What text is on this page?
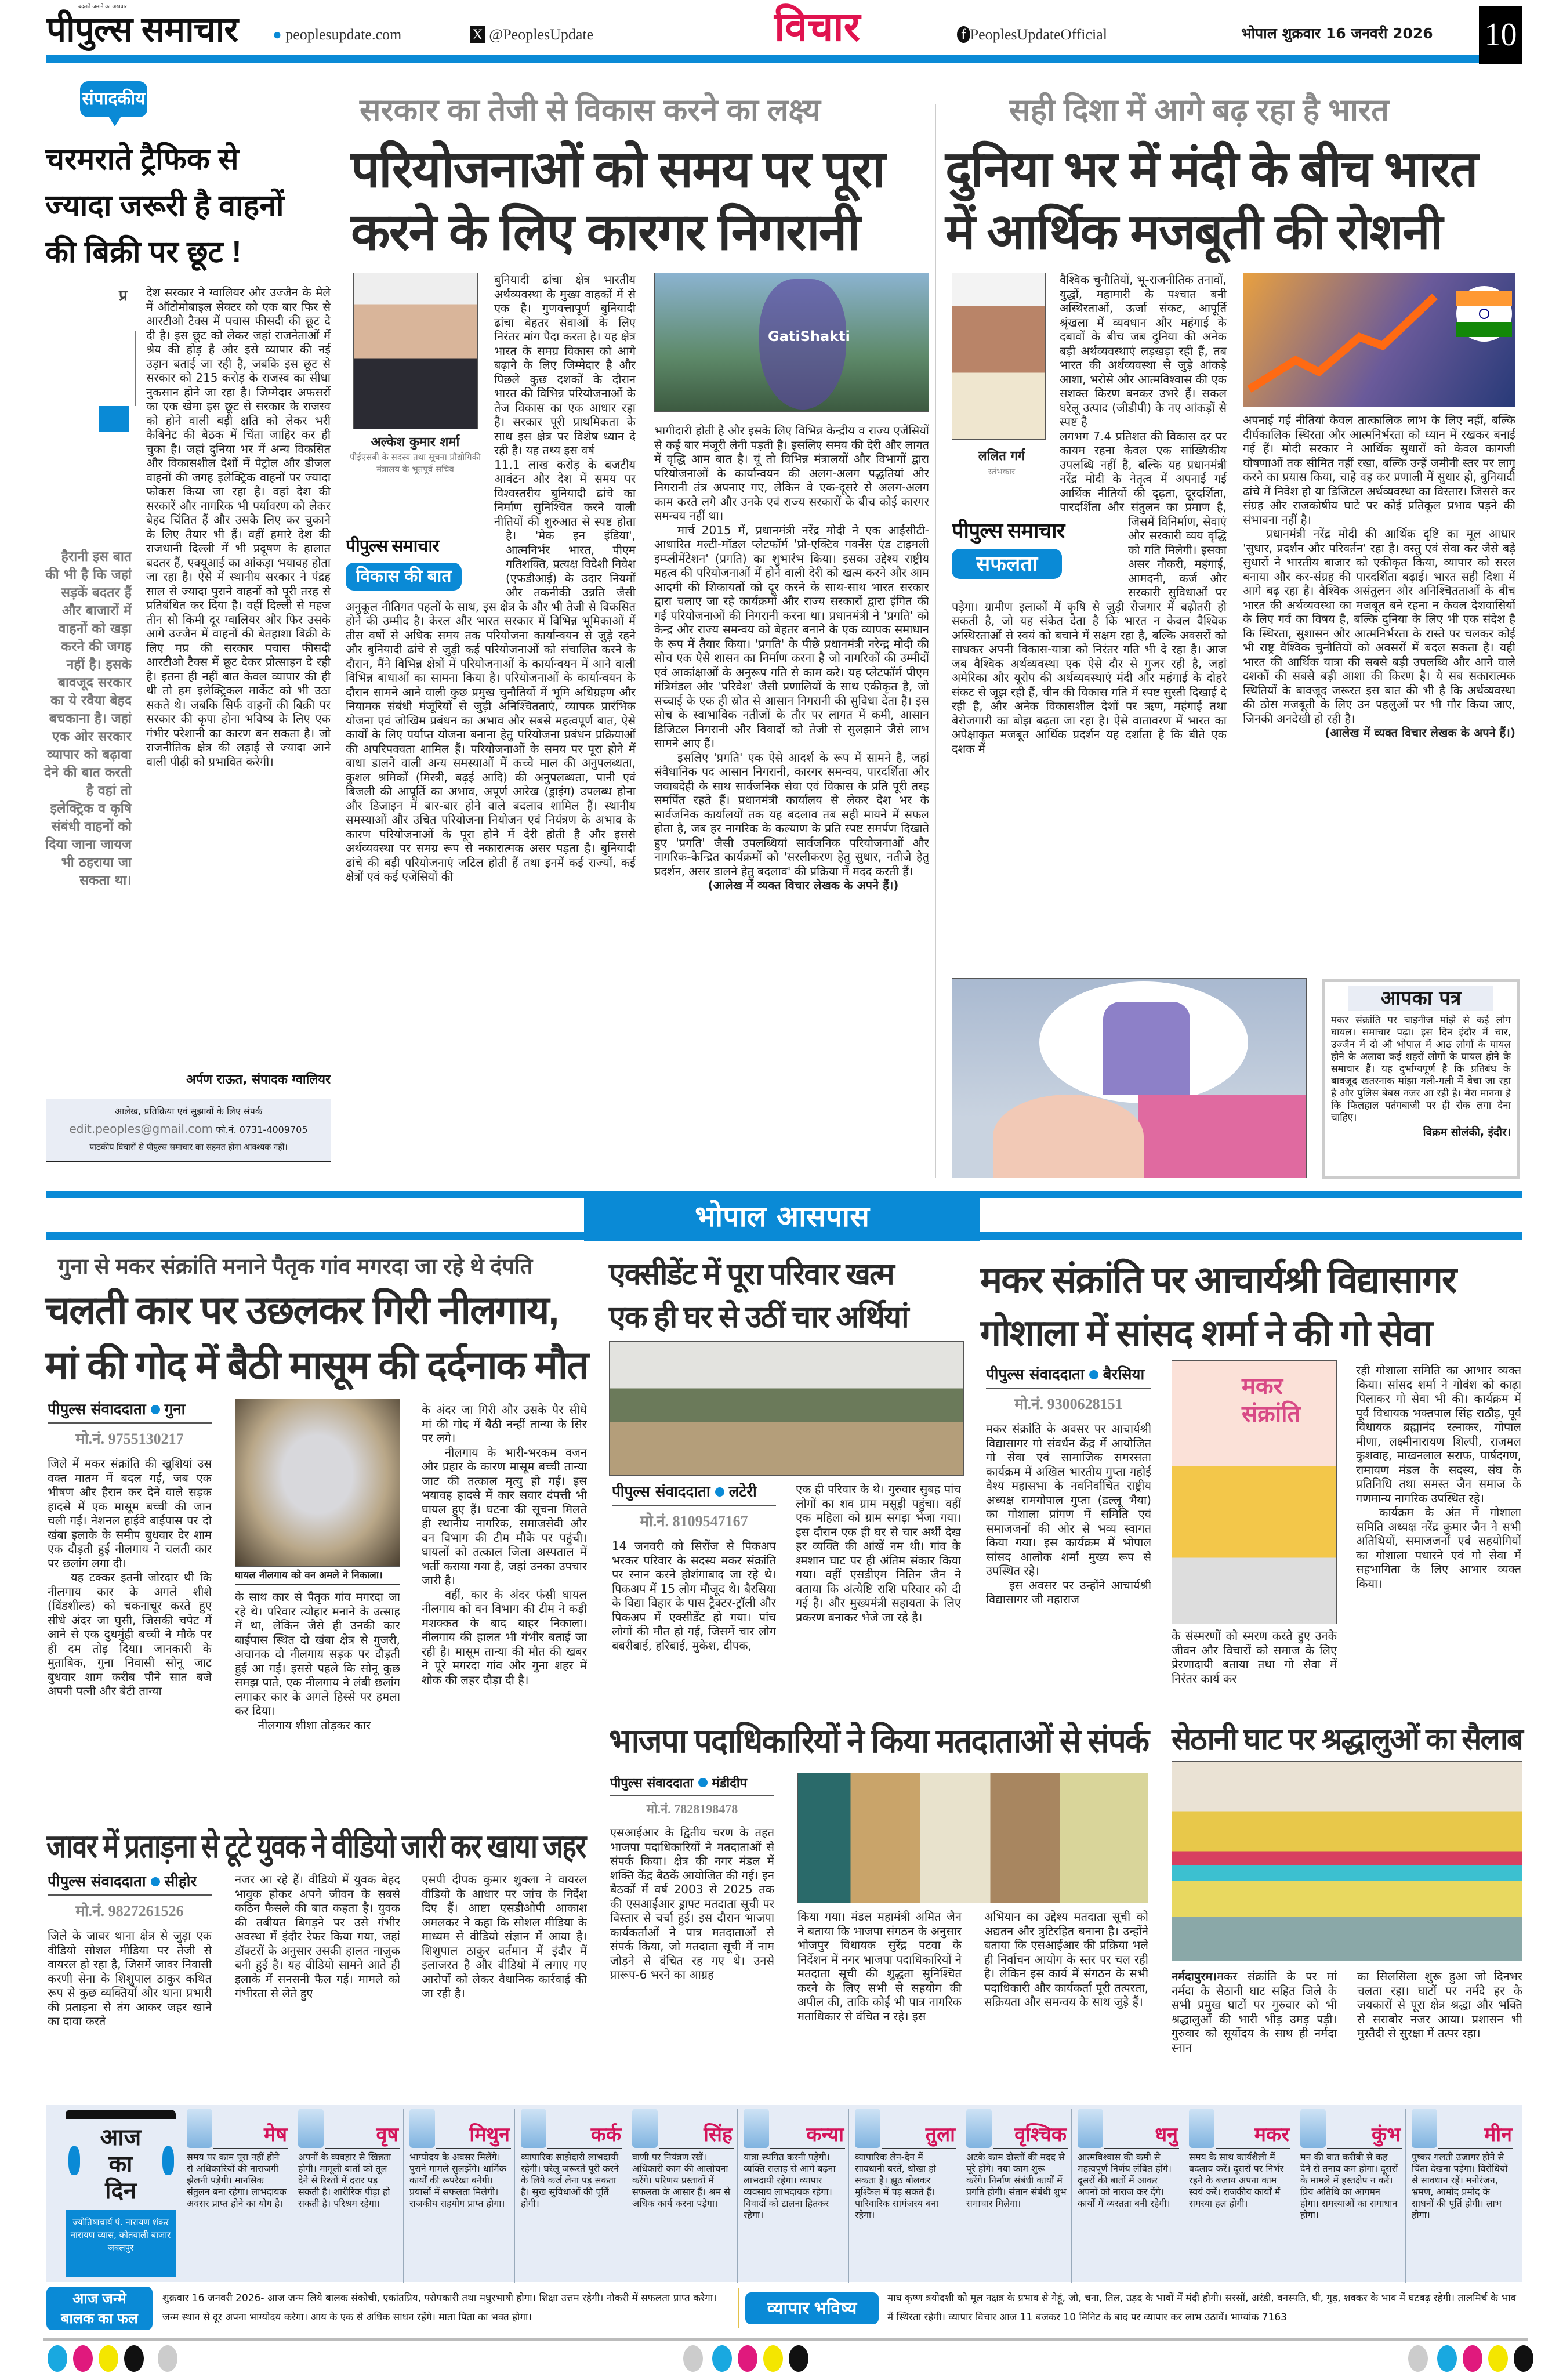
बदलते जमाने का अखबार
पीपुल्स समाचार	● peoplesupdate.com	X @PeoplesUpdate	विचार	f PeoplesUpdateOfficial	भोपाल शुक्रवार 16 जनवरी 2026	10
संपादकीय
चरमराते ट्रैफिक से
ज्यादा जरूरी है वाहनों
की बिक्री पर छूट !
प्र
हैरानी इस बात की भी है कि जहां सड़कें बदतर हैं और बाजारों में वाहनों को खड़ा करने की जगह नहीं है। इसके बावजूद सरकार का ये रवैया बेहद बचकाना है। जहां एक ओर सरकार व्यापार को बढ़ावा देने की बात करती है वहां तो इलेक्ट्रिक व कृषि संबंधी वाहनों को दिया जाना जायज भी ठहराया जा सकता था।

देश सरकार ने ग्वालियर और उज्जैन के मेले में ऑटोमोबाइल सेक्टर को एक बार फिर से आरटीओ टैक्स में पचास फीसदी की छूट दे दी है। इस छूट को लेकर जहां राजनेताओं में श्रेय की होड़ है और इसे व्यापार की नई उड़ान बताई जा रही है, जबकि इस छूट से सरकार को 215 करोड़ के राजस्व का सीधा नुकसान होने जा रहा है। जिम्मेदार अफसरों का एक खेमा इस छूट से सरकार के राजस्व को होने वाली बड़ी क्षति को लेकर भरी कैबिनेट की बैठक में चिंता जाहिर कर ही चुका है। जहां दुनिया भर में अन्य विकसित और विकासशील देशों में पेट्रोल और डीजल वाहनों की जगह इलेक्ट्रिक वाहनों पर ज्यादा फोकस किया जा रहा है। वहां देश की सरकारें और नागरिक भी पर्यावरण को लेकर बेहद चिंतित हैं और उसके लिए कर चुकाने के लिए तैयार भी हैं। वहीं हमारे देश की राजधानी दिल्ली में भी प्रदूषण के हालात बदतर हैं, एक्यूआई का आंकड़ा भयावह होता जा रहा है। ऐसे में स्थानीय सरकार ने पंद्रह साल से ज्यादा पुराने वाहनों को पूरी तरह से प्रतिबंधित कर दिया है। वहीं दिल्ली से महज तीन सौ किमी दूर ग्वालियर और फिर उसके आगे उज्जैन में वाहनों की बेतहाशा बिक्री के लिए मप्र की सरकार पचास फीसदी आरटीओ टैक्स में छूट देकर प्रोत्साहन दे रही है। इतना ही नहीं बात केवल व्यापार की ही थी तो हम इलेक्ट्रिकल मार्केट को भी उठा सकते थे। जबकि सिर्फ वाहनों की बिक्री पर सरकार की कृपा होना भविष्य के लिए एक गंभीर परेशानी का कारण बन सकता है। जो राजनीतिक क्षेत्र की लड़ाई से ज्यादा आने वाली पीढ़ी को प्रभावित करेगी।

अर्पण राऊत, संपादक ग्वालियर
आलेख, प्रतिक्रिया एवं सुझावों के लिए संपर्क
edit.peoples@gmail.com फो.नं. 0731-4009705
पाठकीय विचारों से पीपुल्स समाचार का सहमत होना आवश्यक नहीं।
सरकार का तेजी से विकास करने का लक्ष्य
परियोजनाओं को समय पर पूरा
करने के लिए कारगर निगरानी
अल्केश कुमार शर्मा
पीईएसबी के सदस्य तथा सूचना प्रौद्योगिकी मंत्रालय के भूतपूर्व सचिव
पीपुल्स समाचार
विकास की बात

बुनियादी ढांचा क्षेत्र भारतीय अर्थव्यवस्था के मुख्य वाहकों में से एक है। गुणवत्तापूर्ण बुनियादी ढांचा बेहतर सेवाओं के लिए निरंतर मांग पैदा करता है। यह क्षेत्र भारत के समग्र विकास को आगे बढ़ाने के लिए जिम्मेदार है और पिछले कुछ दशकों के दौरान भारत की विभिन्न परियोजनाओं के तेज विकास का एक आधार रहा है। सरकार पूरी प्राथमिकता के साथ इस क्षेत्र पर विशेष ध्यान दे रही है। यह तथ्य इस वर्ष

11.1 लाख करोड़ के बजटीय आवंटन और देश में समय पर विश्वस्तरीय बुनियादी ढांचे का निर्माण सुनिश्चित करने वाली नीतियों की शुरुआत से स्पष्ट होता है। 'मेक इन इंडिया', आत्मनिर्भर भारत, पीएम गतिशक्ति, प्रत्यक्ष विदेशी निवेश (एफडीआई) के उदार नियमों और तकनीकी उन्नति जैसी अनुकूल नीतिगत पहलों के साथ, इस क्षेत्र के और भी तेजी से विकसित होने की उम्मीद है। केरल और भारत सरकार में विभिन्न भूमिकाओं में तीस वर्षों से अधिक समय तक परियोजना कार्यान्वयन से जुड़े रहने और बुनियादी ढांचे से जुड़ी कई परियोजनाओं को संचालित करने के दौरान, मैंने विभिन्न क्षेत्रों में परियोजनाओं के कार्यान्वयन में आने वाली विभिन्न बाधाओं का सामना किया है। परियोजनाओं के कार्यान्वयन के दौरान सामने आने वाली कुछ प्रमुख चुनौतियों में भूमि अधिग्रहण और नियामक संबंधी मंजूरियों से जुड़ी अनिश्चितताएं, व्यापक प्रारंभिक योजना एवं जोखिम प्रबंधन का अभाव और सबसे महत्वपूर्ण बात, ऐसे कार्यों के लिए पर्याप्त योजना बनाना हेतु परियोजना प्रबंधन प्रक्रियाओं की अपरिपक्वता शामिल हैं। परियोजनाओं के समय पर पूरा होने में बाधा डालने वाली अन्य समस्याओं में कच्चे माल की अनुपलब्धता, कुशल श्रमिकों (मिस्त्री, बढ़ई आदि) की अनुपलब्धता, पानी एवं बिजली की आपूर्ति का अभाव, अपूर्ण आरेख (ड्राइंग) उपलब्ध होना और डिजाइन में बार-बार होने वाले बदलाव शामिल हैं। स्थानीय समस्याओं और उचित परियोजना नियोजन एवं नियंत्रण के अभाव के कारण परियोजनाओं के पूरा होने में देरी होती है और इससे अर्थव्यवस्था पर समग्र रूप से नकारात्मक असर पड़ता है। बुनियादी ढांचे की बड़ी परियोजनाएं जटिल होती हैं तथा इनमें कई राज्यों, कई क्षेत्रों एवं कई एजेंसियों की

GatiShakti

भागीदारी होती है और इसके लिए विभिन्न केन्द्रीय व राज्य एजेंसियों से कई बार मंजूरी लेनी पड़ती है। इसलिए समय की देरी और लागत में वृद्धि आम बात है। यूं तो विभिन्न मंत्रालयों और विभागों द्वारा परियोजनाओं के कार्यान्वयन की अलग-अलग पद्धतियां और निगरानी तंत्र अपनाए गए, लेकिन वे एक-दूसरे से अलग-अलग काम करते लगे और उनके एवं राज्य सरकारों के बीच कोई कारगर समन्वय नहीं था।

मार्च 2015 में, प्रधानमंत्री नरेंद्र मोदी ने एक आईसीटी-आधारित मल्टी-मॉडल प्लेटफॉर्म 'प्रो-एक्टिव गवर्नेंस एंड टाइमली इम्प्लीमेंटेशन' (प्रगति) का शुभारंभ किया। इसका उद्देश्य राष्ट्रीय महत्व की परियोजनाओं में होने वाली देरी को खत्म करने और आम आदमी की शिकायतों को दूर करने के साथ-साथ भारत सरकार द्वारा चलाए जा रहे कार्यक्रमों और राज्य सरकारों द्वारा इंगित की गई परियोजनाओं की निगरानी करना था। प्रधानमंत्री ने 'प्रगति' को केन्द्र और राज्य समन्वय को बेहतर बनाने के एक व्यापक समाधान के रूप में तैयार किया। 'प्रगति' के पीछे प्रधानमंत्री नरेन्द्र मोदी की सोच एक ऐसे शासन का निर्माण करना है जो नागरिकों की उम्मीदों एवं आकांक्षाओं के अनुरूप गति से काम करे। यह प्लेटफॉर्म पीएम मंत्रिमंडल और 'परिवेश' जैसी प्रणालियों के साथ एकीकृत है, जो सच्चाई के एक ही स्रोत से आसान निगरानी की सुविधा देता है। इस सोच के स्वाभाविक नतीजों के तौर पर लागत में कमी, आसान डिजिटल निगरानी और विवादों को तेजी से सुलझाने जैसे लाभ सामने आए हैं।

इसलिए 'प्रगति' एक ऐसे आदर्श के रूप में सामने है, जहां संवैधानिक पद आसान निगरानी, कारगर समन्वय, पारदर्शिता और जवाबदेही के साथ सार्वजनिक सेवा एवं विकास के प्रति पूरी तरह समर्पित रहते हैं। प्रधानमंत्री कार्यालय से लेकर देश भर के सार्वजनिक कार्यालयों तक यह बदलाव तब सही मायने में सफल होता है, जब हर नागरिक के कल्याण के प्रति स्पष्ट समर्पण दिखाते हुए 'प्रगति' जैसी उपलब्धियां सार्वजनिक परियोजनाओं और नागरिक-केन्द्रित कार्यक्रमों को 'सरलीकरण हेतु सुधार, नतीजे हेतु प्रदर्शन, असर डालने हेतु बदलाव' की प्रक्रिया में मदद करती हैं।

(आलेख में व्यक्त विचार लेखक के अपने हैं।)

सही दिशा में आगे बढ़ रहा है भारत
दुनिया भर में मंदी के बीच भारत
में आर्थिक मजबूती की रोशनी
ललित गर्ग
स्तंभकार
पीपुल्स समाचार
सफलता

वैश्विक चुनौतियों, भू-राजनीतिक तनावों, युद्धों, महामारी के पश्चात बनी अस्थिरताओं, ऊर्जा संकट, आपूर्ति श्रृंखला में व्यवधान और महंगाई के दबावों के बीच जब दुनिया की अनेक बड़ी अर्थव्यवस्थाएं लड़खड़ा रही हैं, तब भारत की अर्थव्यवस्था से जुड़े आंकड़े आशा, भरोसे और आत्मविश्वास की एक सशक्त किरण बनकर उभरे हैं। सकल घरेलू उत्पाद (जीडीपी) के नए आंकड़ों से स्पष्ट है

लगभग 7.4 प्रतिशत की विकास दर पर कायम रहना केवल एक सांख्यिकीय उपलब्धि नहीं है, बल्कि यह प्रधानमंत्री नरेंद्र मोदी के नेतृत्व में अपनाई गई आर्थिक नीतियों की दृढ़ता, दूरदर्शिता, पारदर्शिता और संतुलन का प्रमाण है, जिसमें विनिर्माण, सेवाएं और सरकारी व्यय वृद्धि को गति मिलेगी। इसका असर नौकरी, महंगाई, आमदनी, कर्ज और सरकारी सुविधाओं पर पड़ेगा। ग्रामीण इलाकों में कृषि से जुड़ी रोजगार में बढ़ोतरी हो सकती है, जो यह संकेत देता है कि भारत न केवल वैश्विक अस्थिरताओं से स्वयं को बचाने में सक्षम रहा है, बल्कि अवसरों को साधकर अपनी विकास-यात्रा को निरंतर गति भी दे रहा है। आज जब वैश्विक अर्थव्यवस्था एक ऐसे दौर से गुजर रही है, जहां अमेरिका और यूरोप की अर्थव्यवस्थाएं मंदी और महंगाई के दोहरे संकट से जूझ रही हैं, चीन की विकास गति में स्पष्ट सुस्ती दिखाई दे रही है, और अनेक विकासशील देशों पर ऋण, महंगाई तथा बेरोजगारी का बोझ बढ़ता जा रहा है। ऐसे वातावरण में भारत का अपेक्षाकृत मजबूत आर्थिक प्रदर्शन यह दर्शाता है कि बीते एक दशक में

अपनाई गई नीतियां केवल तात्कालिक लाभ के लिए नहीं, बल्कि दीर्घकालिक स्थिरता और आत्मनिर्भरता को ध्यान में रखकर बनाई गई हैं। मोदी सरकार ने आर्थिक सुधारों को केवल कागजी घोषणाओं तक सीमित नहीं रखा, बल्कि उन्हें जमीनी स्तर पर लागू करने का प्रयास किया, चाहे वह कर प्रणाली में सुधार हो, बुनियादी ढांचे में निवेश हो या डिजिटल अर्थव्यवस्था का विस्तार। जिससे कर संग्रह और राजकोषीय घाटे पर कोई प्रतिकूल प्रभाव पड़ने की संभावना नहीं है।

प्रधानमंत्री नरेंद्र मोदी की आर्थिक दृष्टि का मूल आधार 'सुधार, प्रदर्शन और परिवर्तन' रहा है। वस्तु एवं सेवा कर जैसे बड़े सुधारों ने भारतीय बाजार को एकीकृत किया, व्यापार को सरल बनाया और कर-संग्रह की पारदर्शिता बढ़ाई। भारत सही दिशा में आगे बढ़ रहा है। वैश्विक असंतुलन और अनिश्चितताओं के बीच भारत की अर्थव्यवस्था का मजबूत बने रहना न केवल देशवासियों के लिए गर्व का विषय है, बल्कि दुनिया के लिए भी एक संदेश है कि स्थिरता, सुशासन और आत्मनिर्भरता के रास्ते पर चलकर कोई भी राष्ट्र वैश्विक चुनौतियों को अवसरों में बदल सकता है। यही भारत की आर्थिक यात्रा की सबसे बड़ी उपलब्धि और आने वाले दशकों की सबसे बड़ी आशा की किरण है। ये सब सकारात्मक स्थितियों के बावजूद जरूरत इस बात की भी है कि अर्थव्यवस्था की ठोस मजबूती के लिए उन पहलुओं पर भी गौर किया जाए, जिनकी अनदेखी हो रही है।

(आलेख में व्यक्त विचार लेखक के अपने हैं।)

आपका पत्र
मकर संक्रांति पर चाइनीज मांझे से कई लोग घायल। समाचार पढ़ा। इस दिन इंदौर में चार, उज्जैन में दो औ भोपाल में आठ लोगों के घायल होने के अलावा कई शहरों लोगों के घायल होने के समाचार हैं। यह दुर्भाग्यपूर्ण है कि प्रतिबंध के बावजूद खतरनाक मांझा गली-गली में बेचा जा रहा है और पुलिस बेबस नजर आ रही है। मेरा मानना है कि फिलहाल पतंगबाजी पर ही रोक लगा देना चाहिए।
विक्रम सोलंकी, इंदौर।
भोपाल आसपास
गुना से मकर संक्रांति मनाने पैतृक गांव मगरदा जा रहे थे दंपति
चलती कार पर उछलकर गिरी नीलगाय,
मां की गोद में बैठी मासूम की दर्दनाक मौत
पीपुल्स संवाददाता गुना
मो.नं. 9755130217

जिले में मकर संक्रांति की खुशियां उस वक्त मातम में बदल गईं, जब एक भीषण और हैरान कर देने वाले सड़क हादसे में एक मासूम बच्ची की जान चली गई। नेशनल हाईवे बाईपास पर दो खंबा इलाके के समीप बुधवार देर शाम एक दौड़ती हुई नीलगाय ने चलती कार पर छलांग लगा दी।

यह टक्कर इतनी जोरदार थी कि नीलगाय कार के अगले शीशे (विंडशील्ड) को चकनाचूर करते हुए सीधे अंदर जा घुसी, जिसकी चपेट में आने से एक दुधमुंही बच्ची ने मौके पर ही दम तोड़ दिया। जानकारी के मुताबिक, गुना निवासी सोनू जाट बुधवार शाम करीब पौने सात बजे अपनी पत्नी और बेटी तान्या

घायल नीलगाय को वन अमले ने निकाला।

के साथ कार से पैतृक गांव मगरदा जा रहे थे। परिवार त्योहार मनाने के उत्साह में था, लेकिन जैसे ही उनकी कार बाईपास स्थित दो खंबा क्षेत्र से गुजरी, अचानक दो नीलगाय सड़क पर दौड़ती हुई आ गई। इससे पहले कि सोनू कुछ समझ पाते, एक नीलगाय ने लंबी छलांग लगाकर कार के अगले हिस्से पर हमला कर दिया।

नीलगाय शीशा तोड़कर कार

के अंदर जा गिरी और उसके पैर सीधे मां की गोद में बैठी नन्हीं तान्या के सिर पर लगे।

नीलगाय के भारी-भरकम वजन और प्रहार के कारण मासूम बच्ची तान्या जाट की तत्काल मृत्यु हो गई। इस भयावह हादसे में कार सवार दंपत्ती भी घायल हुए हैं। घटना की सूचना मिलते ही स्थानीय नागरिक, समाजसेवी और वन विभाग की टीम मौके पर पहुंची। घायलों को तत्काल जिला अस्पताल में भर्ती कराया गया है, जहां उनका उपचार जारी है।

वहीं, कार के अंदर फंसी घायल नीलगाय को वन विभाग की टीम ने कड़ी मशक्कत के बाद बाहर निकाला। नीलगाय की हालत भी गंभीर बताई जा रही है। मासूम तान्या की मौत की खबर ने पूरे मगरदा गांव और गुना शहर में शोक की लहर दौड़ा दी है।

जावर में प्रताड़ना से टूटे युवक ने वीडियो जारी कर खाया जहर
पीपुल्स संवाददाता सीहोर
मो.नं. 9827261526

जिले के जावर थाना क्षेत्र से जुड़ा एक वीडियो सोशल मीडिया पर तेजी से वायरल हो रहा है, जिसमें जावर निवासी करणी सेना के शिशुपाल ठाकुर कथित रूप से कुछ व्यक्तियों और थाना प्रभारी की प्रताड़ना से तंग आकर जहर खाने का दावा करते

नजर आ रहे हैं। वीडियो में युवक बेहद भावुक होकर अपने जीवन के सबसे कठिन फैसले की बात कहता है। युवक की तबीयत बिगड़ने पर उसे गंभीर अवस्था में इंदौर रेफर किया गया, जहां डॉक्टरों के अनुसार उसकी हालत नाजुक बनी हुई है। यह वीडियो सामने आते ही इलाके में सनसनी फैल गई। मामले को गंभीरता से लेते हुए

एसपी दीपक कुमार शुक्ला ने वायरल वीडियो के आधार पर जांच के निर्देश दिए हैं। आष्टा एसडीओपी आकाश अमलकर ने कहा कि सोशल मीडिया के माध्यम से वीडियो संज्ञान में आया है। शिशुपाल ठाकुर वर्तमान में इंदौर में इलाजरत है और वीडियो में लगाए गए आरोपों को लेकर वैधानिक कार्रवाई की जा रही है।

एक्सीडेंट में पूरा परिवार खत्म
एक ही घर से उठीं चार अर्थियां
पीपुल्स संवाददाता लटेरी
मो.नं. 8109547167

14 जनवरी को सिरोंज से पिकअप भरकर परिवार के सदस्य मकर संक्रांति पर स्नान करने होशंगाबाद जा रहे थे। पिकअप में 15 लोग मौजूद थे। बैरसिया के विद्या विहार के पास ट्रैक्टर-ट्रॉली और पिकअप में एक्सीडेंट हो गया। पांच लोगों की मौत हो गई, जिसमें चार लोग बबरीबाई, हरिबाई, मुकेश, दीपक,

एक ही परिवार के थे। गुरुवार सुबह पांच लोगों का शव ग्राम मसूड़ी पहुंचा। वहीं एक महिला को ग्राम सगड़ा भेजा गया। इस दौरान एक ही घर से चार अर्थी देख हर व्यक्ति की आंखें नम थी। गांव के श्मशान घाट पर ही अंतिम संकार किया गया। वहीं एसडीएम नितिन जैन ने बताया कि अंत्येष्टि राशि परिवार को दी गई है। और मुख्यमंत्री सहायता के लिए प्रकरण बनाकर भेजे जा रहे है।

मकर संक्रांति पर आचार्यश्री विद्यासागर
गोशाला में सांसद शर्मा ने की गो सेवा
पीपुल्स संवाददाता बैरसिया
मो.नं. 9300628151

मकर संक्रांति के अवसर पर आचार्यश्री विद्यासागर गो संवर्धन केंद्र में आयोजित गो सेवा एवं सामाजिक समरसता कार्यक्रम में अखिल भारतीय गुप्ता गहोई वैश्य महासभा के नवनिर्वाचित राष्ट्रीय अध्यक्ष रामगोपाल गुप्ता (डल्लू भैया) का गोशाला प्रांगण में समिति एवं समाजजनों की ओर से भव्य स्वागत किया गया। इस कार्यक्रम में भोपाल सांसद आलोक शर्मा मुख्य रूप से उपस्थित रहे।

इस अवसर पर उन्होंने आचार्यश्री विद्यासागर जी महाराज

मकर संक्रांति

के संस्मरणों को स्मरण करते हुए उनके जीवन और विचारों को समाज के लिए प्रेरणादायी बताया तथा गो सेवा में निरंतर कार्य कर

रही गोशाला समिति का आभार व्यक्त किया। सांसद शर्मा ने गोवंश को काढ़ा पिलाकर गो सेवा भी की। कार्यक्रम में पूर्व विधायक भक्तपाल सिंह राठौड़, पूर्व विधायक ब्रह्मानंद रत्नाकर, गोपाल मीणा, लक्ष्मीनारायण शिल्पी, राजमल कुशवाह, माखनलाल सराफ, पार्षदगण, रामायण मंडल के सदस्य, संघ के प्रतिनिधि तथा समस्त जैन समाज के गणमान्य नागरिक उपस्थित रहे।

कार्यक्रम के अंत में गोशाला समिति अध्यक्ष नरेंद्र कुमार जैन ने सभी अतिथियों, समाजजनों एवं सहयोगियों का गोशाला पधारने एवं गो सेवा में सहभागिता के लिए आभार व्यक्त किया।

भाजपा पदाधिकारियों ने किया मतदाताओं से संपर्क
पीपुल्स संवाददाता मंडीदीप
मो.नं. 7828198478

एसआईआर के द्वितीय चरण के तहत भाजपा पदाधिकारियों ने मतदाताओं से संपर्क किया। क्षेत्र की नगर मंडल में शक्ति केंद्र बैठकें आयोजित की गई। इन बैठकों में वर्ष 2003 से 2025 तक की एसआईआर ड्राफ्ट मतदाता सूची पर विस्तार से चर्चा हुई। इस दौरान भाजपा कार्यकर्ताओं ने पात्र मतदाताओं से संपर्क किया, जो मतदाता सूची में नाम जोड़ने से वंचित रह गए थे। उनसे प्रारूप-6 भरने का आग्रह

किया गया। मंडल महामंत्री अमित जैन ने बताया कि भाजपा संगठन के अनुसार भोजपुर विधायक सुरेंद्र पटवा के निर्देशन में नगर भाजपा पदाधिकारियों ने मतदाता सूची की शुद्धता सुनिश्चित करने के लिए सभी से सहयोग की अपील की, ताकि कोई भी पात्र नागरिक मताधिकार से वंचित न रहे। इस

अभियान का उद्देश्य मतदाता सूची को अद्यतन और त्रुटिरहित बनाना है। उन्होंने बताया कि एसआईआर की प्रक्रिया भले ही निर्वाचन आयोग के स्तर पर चल रही है। लेकिन इस कार्य में संगठन के सभी पदाधिकारी और कार्यकर्ता पूरी तत्परता, सक्रियता और समन्वय के साथ जुड़े हैं।

सेठानी घाट पर श्रद्धालुओं का सैलाब

नर्मदापुरम।मकर संक्रांति के पर मां नर्मदा के सेठानी घाट सहित जिले के सभी प्रमुख घाटों पर गुरुवार को भी श्रद्धालुओं की भारी भीड़ उमड़ पड़ी। गुरुवार को सूर्योदय के साथ ही नर्मदा स्नान

का सिलसिला शुरू हुआ जो दिनभर चलता रहा। घाटों पर नर्मदे हर के जयकारों से पूरा क्षेत्र श्रद्धा और भक्ति से सराबोर नजर आया। प्रशासन भी मुस्तैदी से सुरक्षा में तत्पर रहा।

आज
का
दिन
ज्योतिषाचार्य पं. नारायण शंकर नारायण व्यास, कोतवाली बाजार जबलपुर
मेष
समय पर काम पूरा नहीं होने से अधिकारियों की नाराजगी झेलनी पड़ेगी। मानसिक संतुलन बना रहेगा। लाभदायक अवसर प्राप्त होने का योग है।
वृष
अपनों के व्यवहार से खिन्नता होगी। मामूली बातों को तूल देने से रिश्तों में दरार पड़ सकती है। शारीरिक पीड़ा हो सकती है। परिश्रम रहेगा।
मिथुन
भाग्योदय के अवसर मिलेंगे। पुराने मामले सुलझेंगे। धार्मिक कार्यों की रूपरेखा बनेगी। प्रयासों में सफलता मिलेगी। राजकीय सहयोग प्राप्त होगा।
कर्क
व्यापारिक साझेदारी लाभदायी रहेगी। घरेलू जरूरतें पूरी करने के लिये कर्ज लेना पड़ सकता है। सुख सुविधाओं की पूर्ति होगी।
सिंह
वाणी पर नियंत्रण रखें। अधिकारी काम की आलोचना करेंगे। परिणय प्रस्तावों में सफलता के आसार हैं। श्रम से अधिक कार्य करना पड़ेगा।
कन्या
यात्रा स्थगित करनी पड़ेगी। व्यक्ति सलाह से आगे बढ़ना लाभदायी रहेगा। व्यापार व्यवसाय लाभदायक रहेगा। विवादों को टालना हितकर रहेगा।
तुला
व्यापारिक लेन-देन में सावधानी बरतें, धोखा हो सकता है। झूठ बोलकर मुश्किल में पड़ सकते हैं। पारिवारिक सामंजस्य बना रहेगा।
वृश्चिक
अटके काम दोस्तों की मदद से पूरे होंगे। नया काम शुरू करेंगे। निर्माण संबंधी कार्यों में प्रगति होगी। संतान संबंधी शुभ समाचार मिलेगा।
धनु
आत्मविश्वास की कमी से महत्वपूर्ण निर्णय लंबित होंगे। दूसरों की बातों में आकर अपनों को नाराज कर देंगे। कार्यों में व्यस्तता बनी रहेगी।
मकर
समय के साथ कार्यशैली में बदलाव करें। दूसरों पर निर्भर रहने के बजाय अपना काम स्वयं करें। राजकीय कार्यों में समस्या हल होगी।
कुंभ
मन की बात करीबी से कह देने से तनाव कम होगा। दूसरों के मामले में हस्तक्षेप न करें। प्रिय अतिथि का आगमन होगा। समस्याओं का समाधान होगा।
मीन
पुष्कर गलती उजागर होने से चिंता देखना पड़ेगा। विरोधियों से सावधान रहें। मनोरंजन, भ्रमण, आमोद प्रमोद के साधनों की पूर्ति होगी। लाभ होगा।
आज जन्मे
बालक का फल
शुक्रवार 16 जनवरी 2026- आज जन्म लिये बालक संकोची, एकांतप्रिय, परोपकारी तथा मधुरभाषी होगा। शिक्षा उत्तम रहेगी। नौकरी में सफलता प्राप्त करेगा। जन्म स्थान से दूर अपना भाग्योदय करेगा। आय के एक से अधिक साधन रहेंगे। माता पिता का भक्त होगा।	व्यापार भविष्य
माघ कृष्ण त्रयोदशी को मूल नक्षत्र के प्रभाव से गेहूं, जौ, चना, तिल, उड़द के भावों में मंदी होगी। सरसों, अरंडी, वनस्पति, घी, गुड़, शक्कर के भाव में घटबढ़ रहेगी। तालमिर्च के भाव में स्थिरता रहेगी। व्यापार विचार आज 11 बजकर 10 मिनिट के बाद पर व्यापार कर लाभ उठावें। भाग्यांक 7163
